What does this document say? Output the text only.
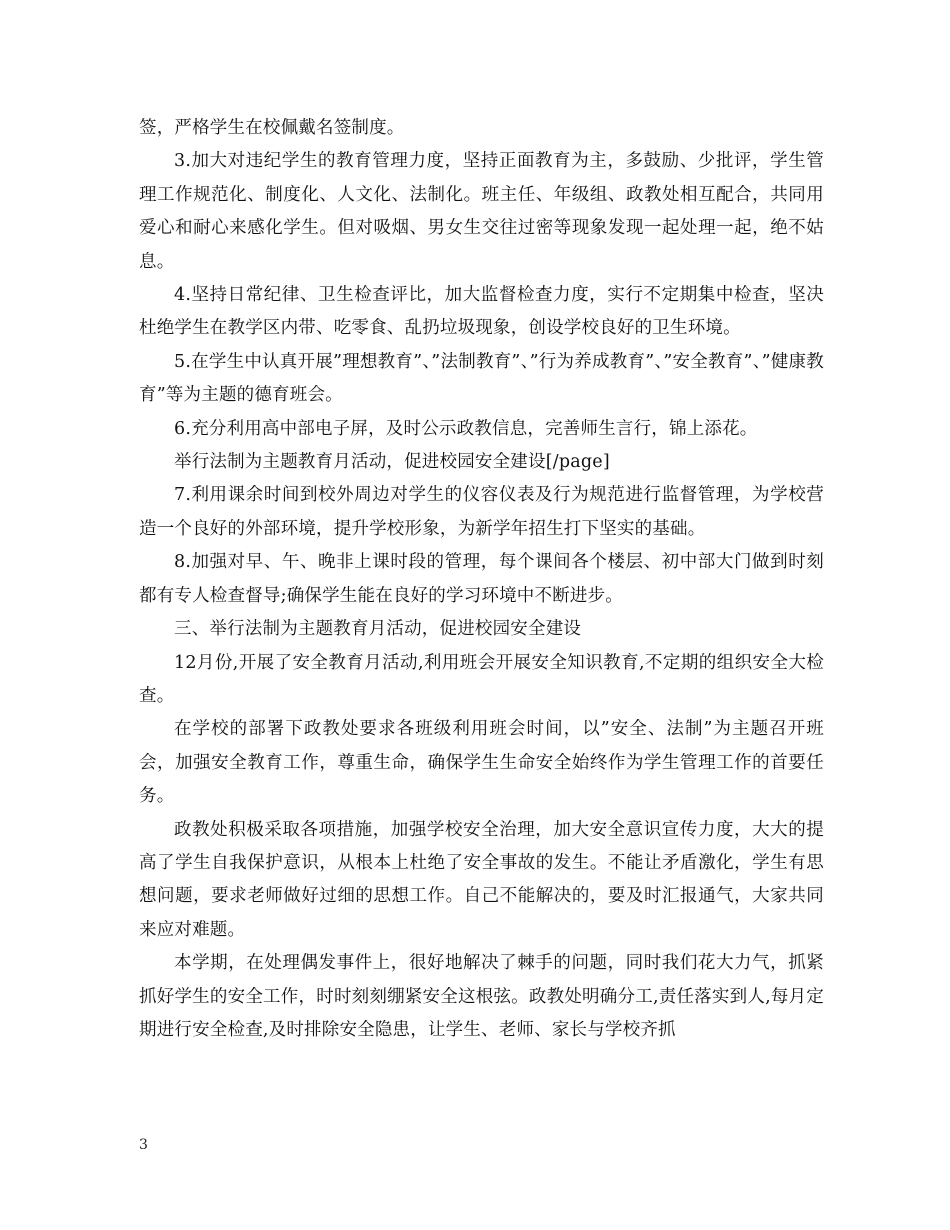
签，严格学生在校佩戴名签制度。

3.加大对违纪学生的教育管理力度，坚持正面教育为主，多鼓励、少批评，学生管理工作规范化、制度化、人文化、法制化。班主任、年级组、政教处相互配合，共同用爱心和耐心来感化学生。但对吸烟、男女生交往过密等现象发现一起处理一起，绝不姑息。

4.坚持日常纪律、卫生检查评比，加大监督检查力度，实行不定期集中检查，坚决杜绝学生在教学区内带、吃零食、乱扔垃圾现象，创设学校良好的卫生环境。

5.在学生中认真开展”理想教育”、”法制教育”、”行为养成教育”、”安全教育”、”健康教育”等为主题的德育班会。

6.充分利用高中部电子屏，及时公示政教信息，完善师生言行，锦上添花。

举行法制为主题教育月活动，促进校园安全建设[/page]

7.利用课余时间到校外周边对学生的仪容仪表及行为规范进行监督管理，为学校营造一个良好的外部环境，提升学校形象，为新学年招生打下坚实的基础。

8.加强对早、午、晚非上课时段的管理，每个课间各个楼层、初中部大门做到时刻都有专人检查督导;确保学生能在良好的学习环境中不断进步。

三、举行法制为主题教育月活动，促进校园安全建设

12月份,开展了安全教育月活动,利用班会开展安全知识教育,不定期的组织安全大检查。

在学校的部署下政教处要求各班级利用班会时间，以”安全、法制”为主题召开班会，加强安全教育工作，尊重生命，确保学生生命安全始终作为学生管理工作的首要任务。

政教处积极采取各项措施，加强学校安全治理，加大安全意识宣传力度，大大的提高了学生自我保护意识，从根本上杜绝了安全事故的发生。不能让矛盾激化，学生有思想问题，要求老师做好过细的思想工作。自己不能解决的，要及时汇报通气，大家共同来应对难题。

本学期，在处理偶发事件上，很好地解决了棘手的问题，同时我们花大力气，抓紧抓好学生的安全工作，时时刻刻绷紧安全这根弦。政教处明确分工,责任落实到人,每月定期进行安全检查,及时排除安全隐患，让学生、老师、家长与学校齐抓

3
